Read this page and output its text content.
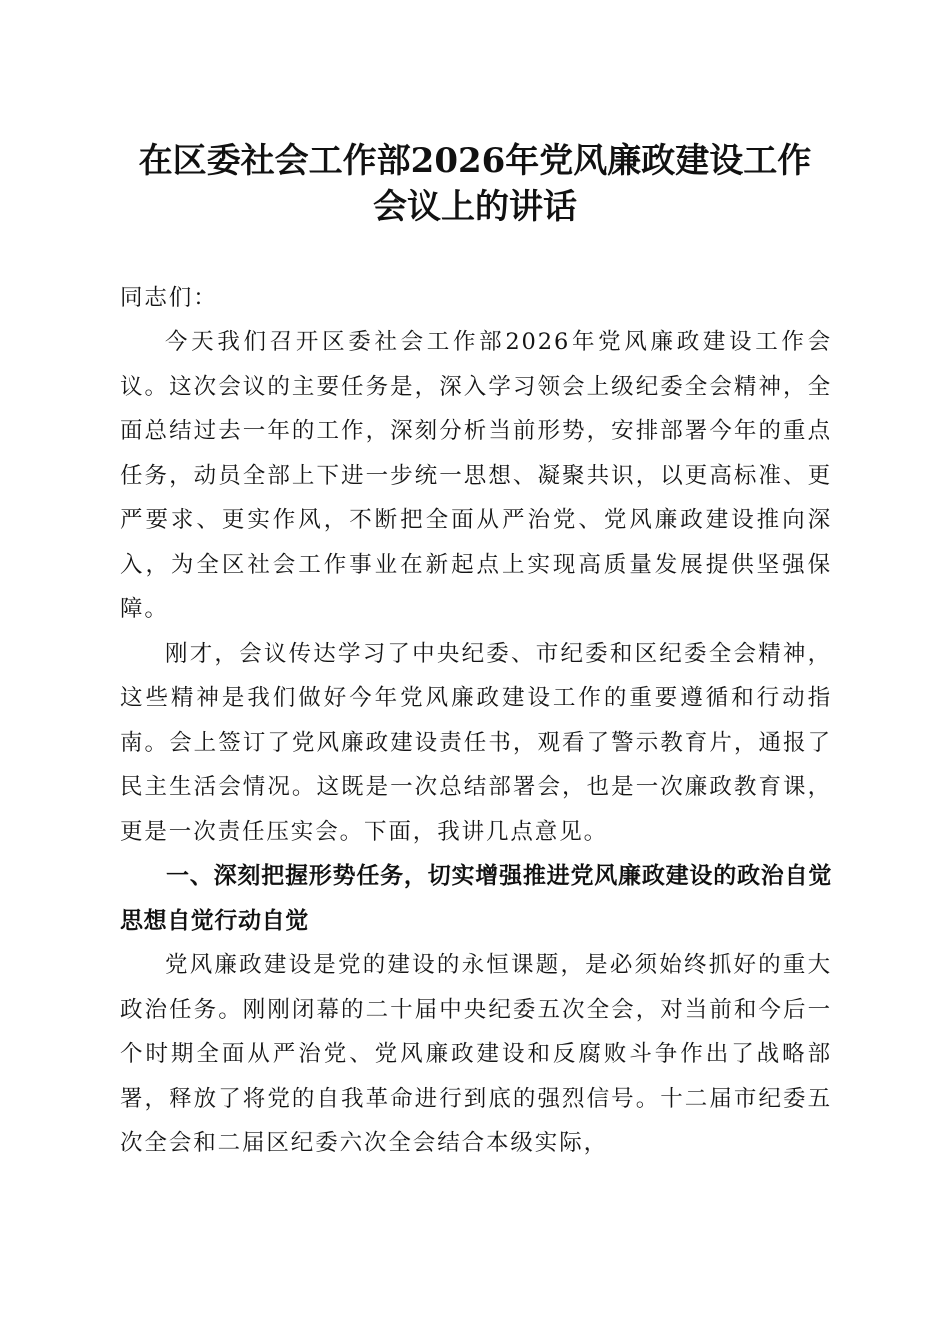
在区委社会工作部2026年党风廉政建设工作
会议上的讲话
同志们：

今天我们召开区委社会工作部2026年党风廉政建设工作会议。这次会议的主要任务是，深入学习领会上级纪委全会精神，全面总结过去一年的工作，深刻分析当前形势，安排部署今年的重点任务，动员全部上下进一步统一思想、凝聚共识，以更高标准、更严要求、更实作风，不断把全面从严治党、党风廉政建设推向深入，为全区社会工作事业在新起点上实现高质量发展提供坚强保障。

刚才，会议传达学习了中央纪委、市纪委和区纪委全会精神，这些精神是我们做好今年党风廉政建设工作的重要遵循和行动指南。会上签订了党风廉政建设责任书，观看了警示教育片，通报了民主生活会情况。这既是一次总结部署会，也是一次廉政教育课，更是一次责任压实会。下面，我讲几点意见。

一、深刻把握形势任务，切实增强推进党风廉政建设的政治自觉思想自觉行动自觉

党风廉政建设是党的建设的永恒课题，是必须始终抓好的重大政治任务。刚刚闭幕的二十届中央纪委五次全会，对当前和今后一个时期全面从严治党、党风廉政建设和反腐败斗争作出了战略部署，释放了将党的自我革命进行到底的强烈信号。十二届市纪委五次全会和二届区纪委六次全会结合本级实际，
